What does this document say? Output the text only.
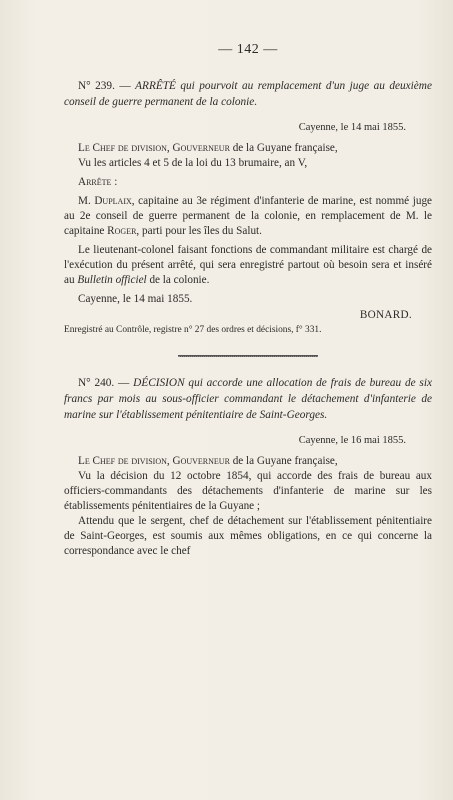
— 142 —

N° 239. — ARRÊTÉ qui pourvoit au remplacement d'un juge au deuxième conseil de guerre permanent de la colonie.

Cayenne, le 14 mai 1855.

Le Chef de division, Gouverneur de la Guyane française,

Vu les articles 4 et 5 de la loi du 13 brumaire, an V,

Arrête :

M. Duplaix, capitaine au 3e régiment d'infanterie de marine, est nommé juge au 2e conseil de guerre permanent de la colonie, en remplacement de M. le capitaine Roger, parti pour les îles du Salut.

Le lieutenant-colonel faisant fonctions de commandant militaire est chargé de l'exécution du présent arrêté, qui sera enregistré partout où besoin sera et inséré au Bulletin officiel de la colonie.

Cayenne, le 14 mai 1855.

BONARD.
Enregistré au Contrôle, registre n° 27 des ordres et décisions, f° 331.

N° 240. — DÉCISION qui accorde une allocation de frais de bureau de six francs par mois au sous-officier commandant le détachement d'infanterie de marine sur l'établissement pénitentiaire de Saint-Georges.

Cayenne, le 16 mai 1855.

Le Chef de division, Gouverneur de la Guyane française,

Vu la décision du 12 octobre 1854, qui accorde des frais de bureau aux officiers-commandants des détachements d'infanterie de marine sur les établissements pénitentiaires de la Guyane ;

Attendu que le sergent, chef de détachement sur l'établissement pénitentiaire de Saint-Georges, est soumis aux mêmes obligations, en ce qui concerne la correspondance avec le chef
